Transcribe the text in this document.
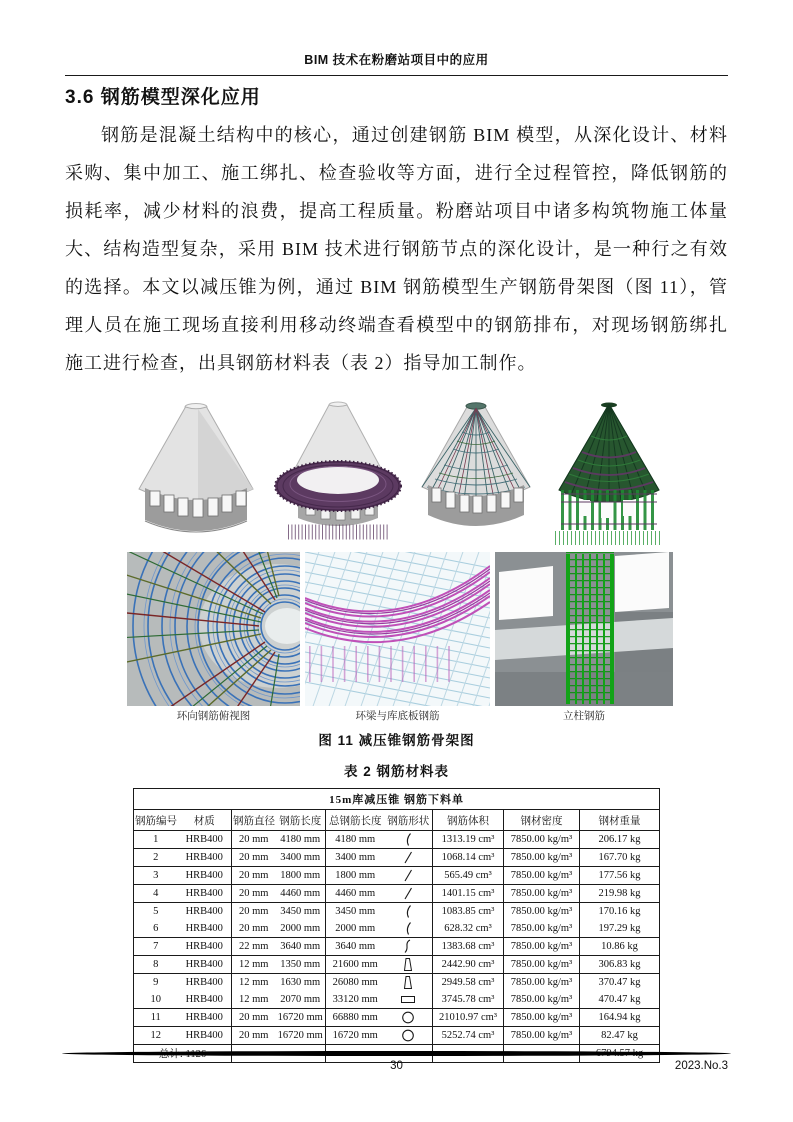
BIM 技术在粉磨站项目中的应用
3.6 钢筋模型深化应用

钢筋是混凝土结构中的核心，通过创建钢筋 BIM 模型，从深化设计、材料采购、集中加工、施工绑扎、检查验收等方面，进行全过程管控，降低钢筋的损耗率，减少材料的浪费，提高工程质量。粉磨站项目中诸多构筑物施工体量大、结构造型复杂，采用 BIM 技术进行钢筋节点的深化设计，是一种行之有效的选择。本文以减压锥为例，通过 BIM 钢筋模型生产钢筋骨架图（图 11），管理人员在施工现场直接利用移动终端查看模型中的钢筋排布，对现场钢筋绑扎施工进行检查，出具钢筋材料表（表 2）指导加工制作。

环向钢筋俯视图	环梁与库底板钢筋	立柱钢筋
图 11 减压锥钢筋骨架图
表 2 钢筋材料表
15m库减压锥 钢筋下料单								
钢筋编号	材质	钢筋直径	钢筋长度	总钢筋长度	钢筋形状	钢筋体积	钢材密度	钢材重量
1	HRB400	20 mm	4180 mm	4180 mm		1313.19 cm³	7850.00 kg/m³	206.17 kg
2	HRB400	20 mm	3400 mm	3400 mm		1068.14 cm³	7850.00 kg/m³	167.70 kg
3	HRB400	20 mm	1800 mm	1800 mm		565.49 cm³	7850.00 kg/m³	177.56 kg
4	HRB400	20 mm	4460 mm	4460 mm		1401.15 cm³	7850.00 kg/m³	219.98 kg
5	HRB400	20 mm	3450 mm	3450 mm		1083.85 cm³	7850.00 kg/m³	170.16 kg
6	HRB400	20 mm	2000 mm	2000 mm		628.32 cm³	7850.00 kg/m³	197.29 kg
7	HRB400	22 mm	3640 mm	3640 mm		1383.68 cm³	7850.00 kg/m³	10.86 kg
8	HRB400	12 mm	1350 mm	21600 mm		2442.90 cm³	7850.00 kg/m³	306.83 kg
9	HRB400	12 mm	1630 mm	26080 mm		2949.58 cm³	7850.00 kg/m³	370.47 kg
10	HRB400	12 mm	2070 mm	33120 mm		3745.78 cm³	7850.00 kg/m³	470.47 kg
11	HRB400	20 mm	16720 mm	66880 mm		21010.97 cm³	7850.00 kg/m³	164.94 kg
12	HRB400	20 mm	16720 mm	16720 mm		5252.74 cm³	7850.00 kg/m³	82.47 kg

30	2023.No.3
